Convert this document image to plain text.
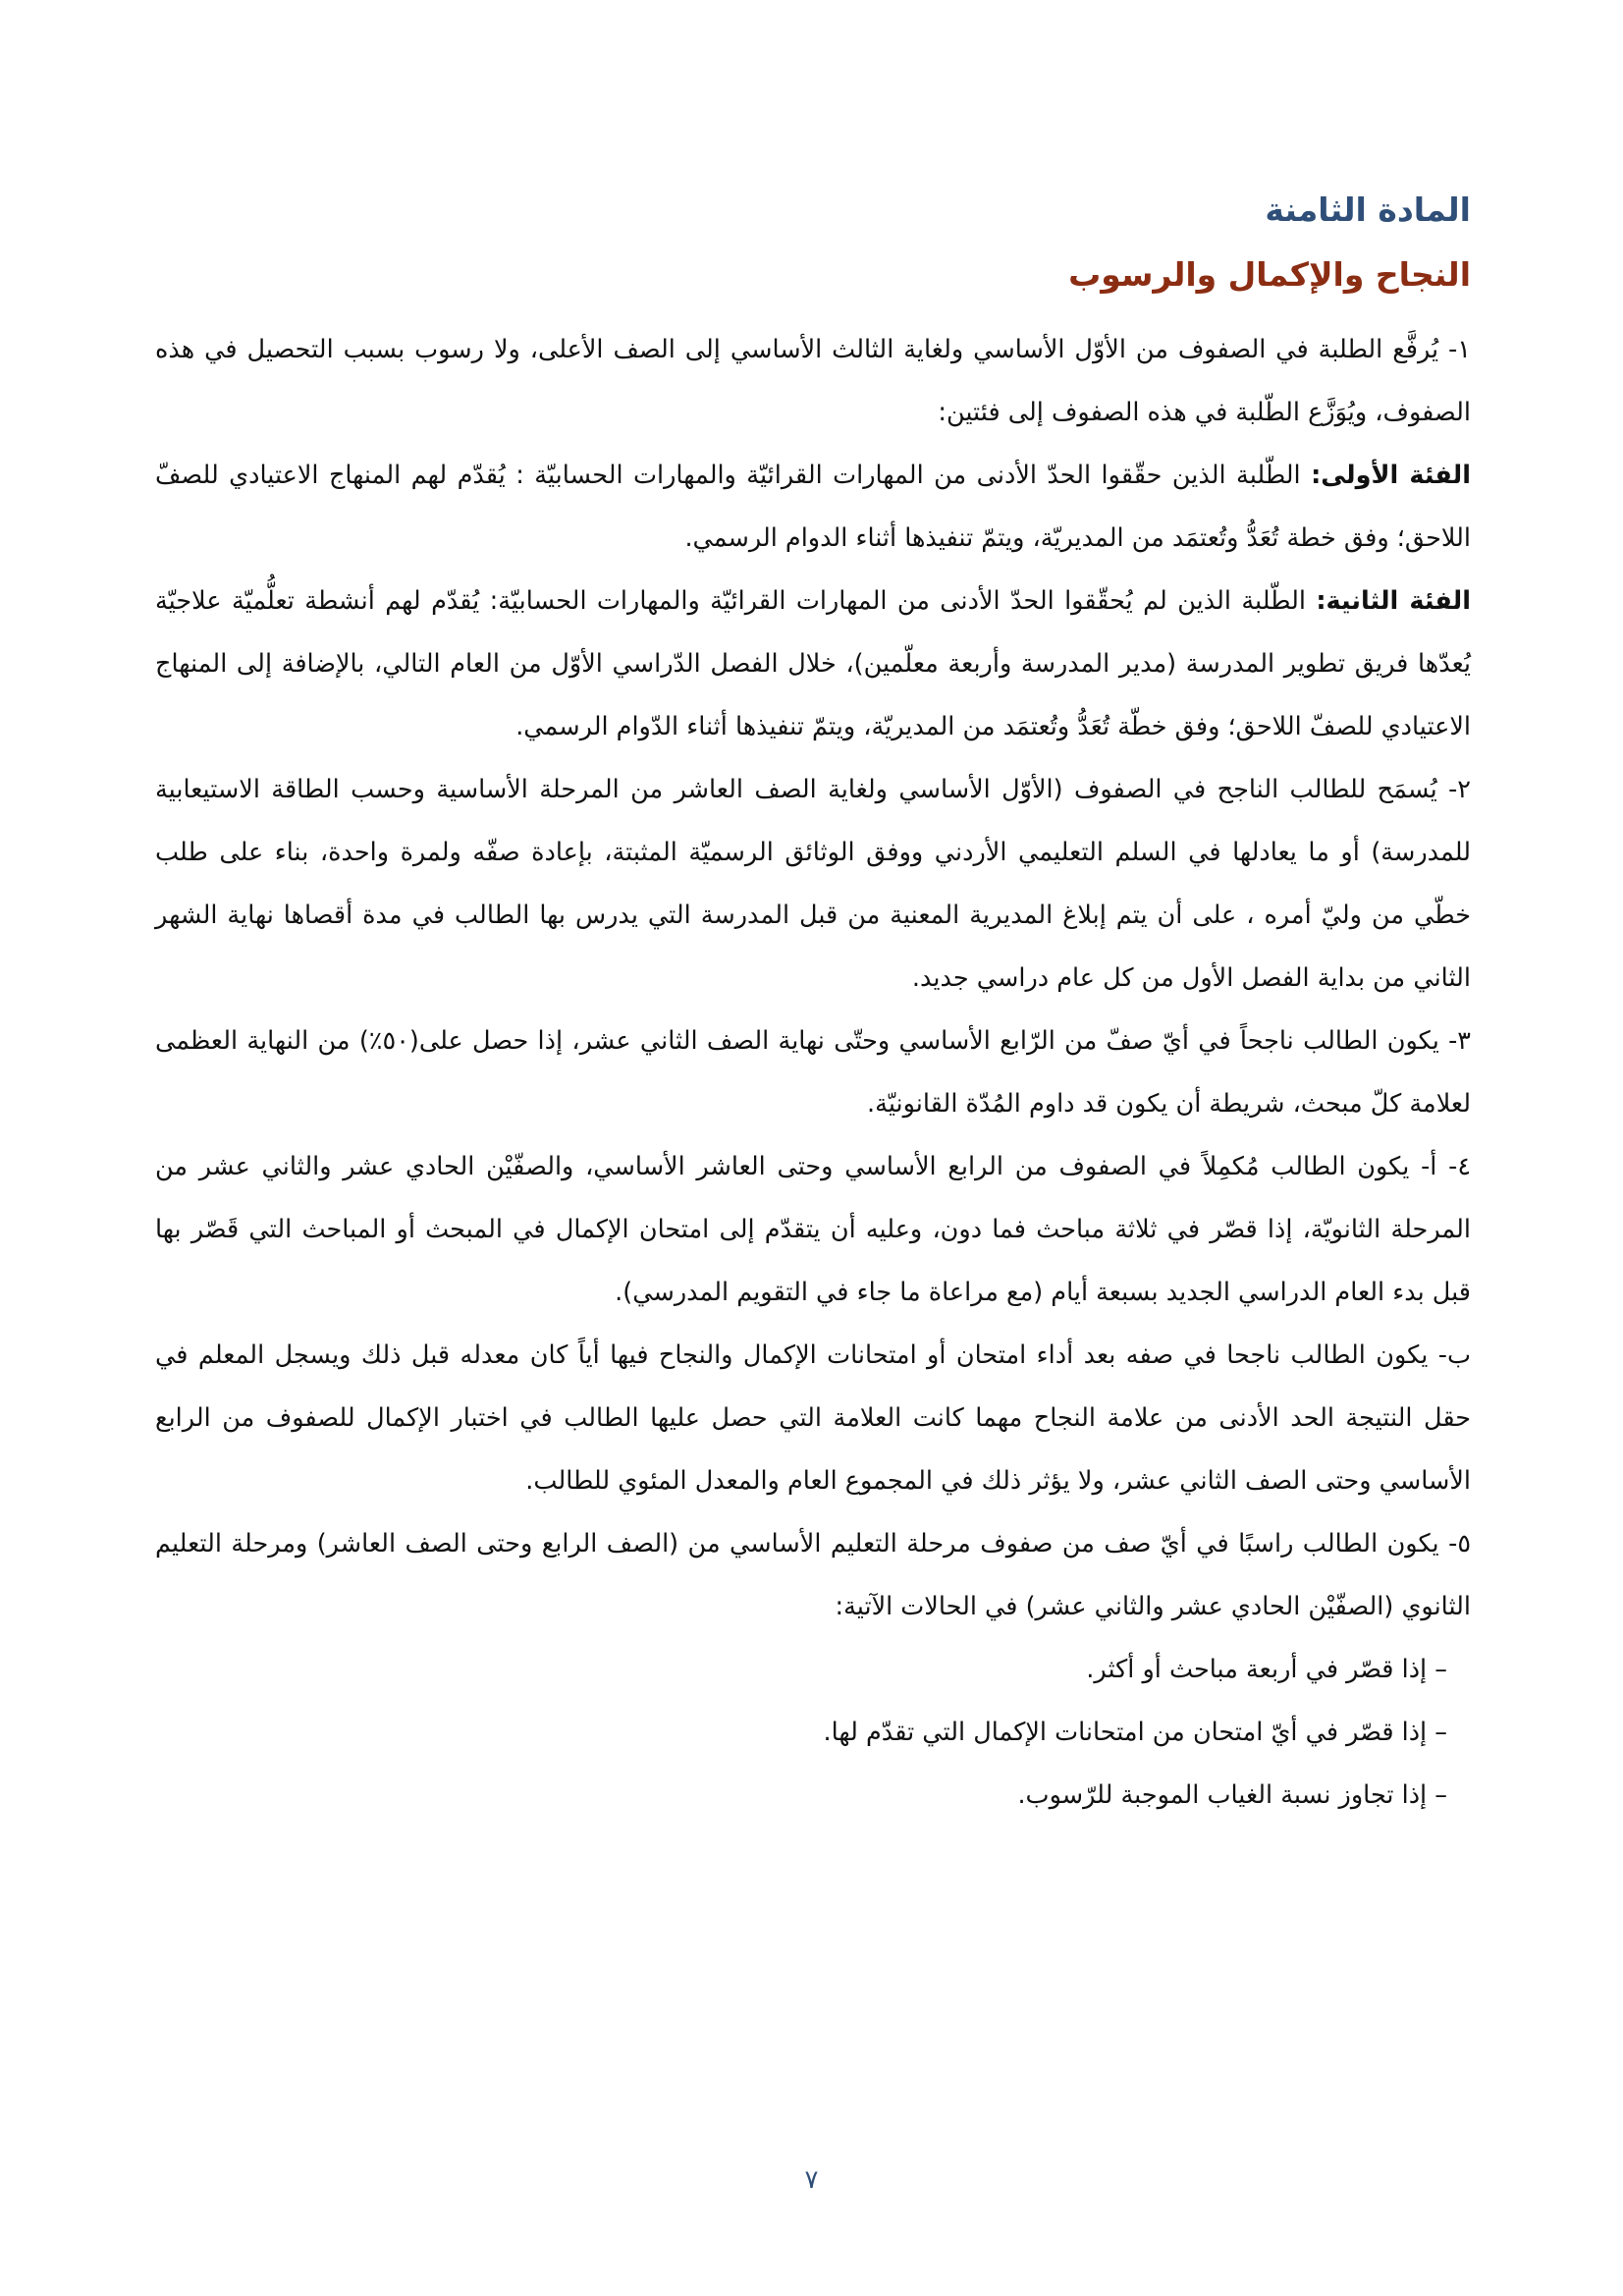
المادة الثامنة
النجاح والإكمال والرسوب

١- يُرفَّع الطلبة في الصفوف من الأوّل الأساسي ولغاية الثالث الأساسي إلى الصف الأعلى، ولا رسوب بسبب التحصيل في هذه الصفوف، ويُوَزَّع الطّلبة في هذه الصفوف إلى فئتين:

الفئة الأولى: الطّلبة الذين حقّقوا الحدّ الأدنى من المهارات القرائيّة والمهارات الحسابيّة : يُقدّم لهم المنهاج الاعتيادي للصفّ اللاحق؛ وفق خطة تُعَدُّ وتُعتمَد من المديريّة، ويتمّ تنفيذها أثناء الدوام الرسمي.

الفئة الثانية: الطّلبة الذين لم يُحقّقوا الحدّ الأدنى من المهارات القرائيّة والمهارات الحسابيّة: يُقدّم لهم أنشطة تعلُّميّة علاجيّة يُعدّها فريق تطوير المدرسة (مدير المدرسة وأربعة معلّمين)، خلال الفصل الدّراسي الأوّل من العام التالي، بالإضافة إلى المنهاج الاعتيادي للصفّ اللاحق؛ وفق خطّة تُعَدُّ وتُعتمَد من المديريّة، ويتمّ تنفيذها أثناء الدّوام الرسمي.

٢- يُسمَح للطالب الناجح في الصفوف (الأوّل الأساسي ولغاية الصف العاشر من المرحلة الأساسية وحسب الطاقة الاستيعابية للمدرسة) أو ما يعادلها في السلم التعليمي الأردني ووفق الوثائق الرسميّة المثبتة، بإعادة صفّه ولمرة واحدة، بناء على طلب خطّي من وليّ أمره ، على أن يتم إبلاغ المديرية المعنية من قبل المدرسة التي يدرس بها الطالب في مدة أقصاها نهاية الشهر الثاني من بداية الفصل الأول من كل عام دراسي جديد.

٣- يكون الطالب ناجحاً في أيّ صفّ من الرّابع الأساسي وحتّى نهاية الصف الثاني عشر، إذا حصل على(٥٠٪) من النهاية العظمى لعلامة كلّ مبحث، شريطة أن يكون قد داوم المُدّة القانونيّة.

٤- أ- يكون الطالب مُكمِلاً في الصفوف من الرابع الأساسي وحتى العاشر الأساسي، والصفّيْن الحادي عشر والثاني عشر من المرحلة الثانويّة، إذا قصّر في ثلاثة مباحث فما دون، وعليه أن يتقدّم إلى امتحان الإكمال في المبحث أو المباحث التي قَصّر بها قبل بدء العام الدراسي الجديد بسبعة أيام (مع مراعاة ما جاء في التقويم المدرسي).

ب- يكون الطالب ناجحا في صفه بعد أداء امتحان أو امتحانات الإكمال والنجاح فيها أياً كان معدله قبل ذلك ويسجل المعلم في حقل النتيجة الحد الأدنى من علامة النجاح مهما كانت العلامة التي حصل عليها الطالب في اختبار الإكمال للصفوف من الرابع الأساسي وحتى الصف الثاني عشر، ولا يؤثر ذلك في المجموع العام والمعدل المئوي للطالب.

٥- يكون الطالب راسبًا في أيّ صف من صفوف مرحلة التعليم الأساسي من (الصف الرابع وحتى الصف العاشر) ومرحلة التعليم الثانوي (الصفّيْن الحادي عشر والثاني عشر) في الحالات الآتية:

– إذا قصّر في أربعة مباحث أو أكثر.
– إذا قصّر في أيّ امتحان من امتحانات الإكمال التي تقدّم لها.
– إذا تجاوز نسبة الغياب الموجبة للرّسوب.
٧
